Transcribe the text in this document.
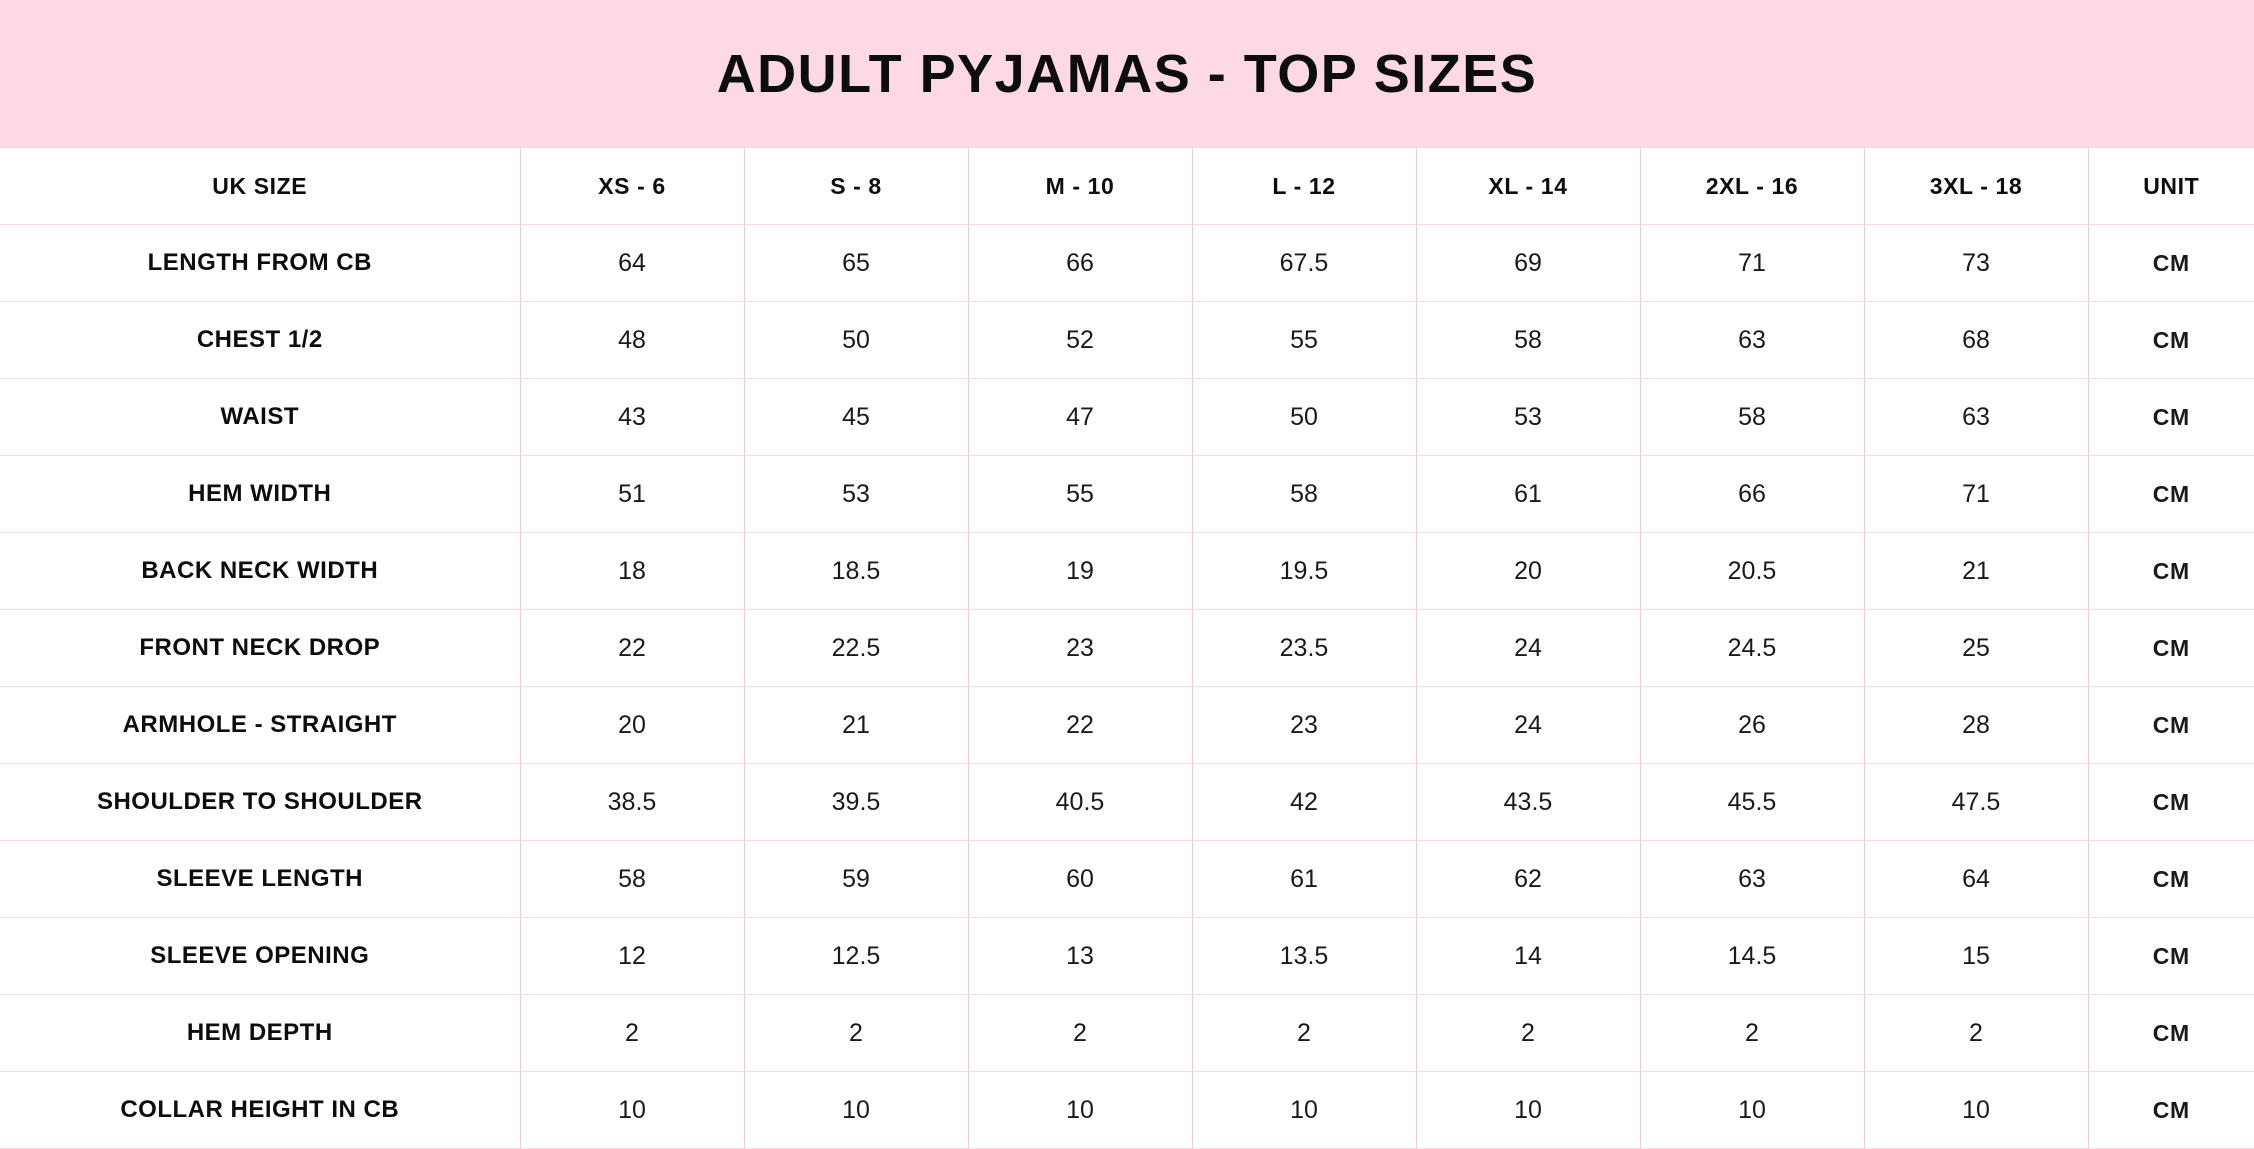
ADULT PYJAMAS - TOP SIZES
UK SIZE	XS - 6	S - 8	M - 10	L - 12	XL - 14	2XL - 16	3XL - 18	UNIT
LENGTH FROM CB	64	65	66	67.5	69	71	73	CM
CHEST 1/2	48	50	52	55	58	63	68	CM
WAIST	43	45	47	50	53	58	63	CM
HEM WIDTH	51	53	55	58	61	66	71	CM
BACK NECK WIDTH	18	18.5	19	19.5	20	20.5	21	CM
FRONT NECK DROP	22	22.5	23	23.5	24	24.5	25	CM
ARMHOLE - STRAIGHT	20	21	22	23	24	26	28	CM
SHOULDER TO SHOULDER	38.5	39.5	40.5	42	43.5	45.5	47.5	CM
SLEEVE LENGTH	58	59	60	61	62	63	64	CM
SLEEVE OPENING	12	12.5	13	13.5	14	14.5	15	CM
HEM DEPTH	2	2	2	2	2	2	2	CM
COLLAR HEIGHT IN CB	10	10	10	10	10	10	10	CM
